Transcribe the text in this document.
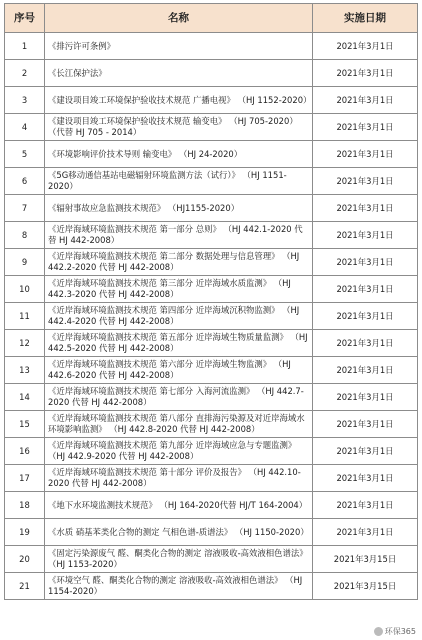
序号	名称	实施日期
1	《排污许可条例》	2021年3月1日
2	《长江保护法》	2021年3月1日
3	《建设项目竣工环境保护验收技术规范 广播电视》 （HJ 1152-2020）	2021年3月1日
4	《建设项目竣工环境保护验收技术规范 输变电》 （HJ 705-2020） （代替 HJ 705 - 2014）	2021年3月1日
5	《环境影响评价技术导则 输变电》 （HJ 24-2020）	2021年3月1日
6	《5G移动通信基站电磁辐射环境监测方法（试行）》 （HJ 1151-2020）	2021年3月1日
7	《辐射事故应急监测技术规范》 （HJ1155-2020）	2021年3月1日
8	《近岸海域环境监测技术规范 第一部分 总则》 （HJ 442.1-2020 代替 HJ 442-2008）	2021年3月1日
9	《近岸海域环境监测技术规范 第二部分 数据处理与信息管理》 （HJ 442.2-2020 代替 HJ 442-2008）	2021年3月1日
10	《近岸海域环境监测技术规范 第三部分 近岸海域水质监测》 （HJ 442.3-2020 代替 HJ 442-2008）	2021年3月1日
11	《近岸海域环境监测技术规范 第四部分 近岸海域沉积物监测》 （HJ 442.4-2020 代替 HJ 442-2008）	2021年3月1日
12	《近岸海域环境监测技术规范 第五部分 近岸海域生物质量监测》 （HJ 442.5-2020 代替 HJ 442-2008）	2021年3月1日
13	《近岸海域环境监测技术规范 第六部分 近岸海域生物监测》 （HJ 442.6-2020 代替 HJ 442-2008）	2021年3月1日
14	《近岸海域环境监测技术规范 第七部分 入海河流监测》 （HJ 442.7-2020 代替 HJ 442-2008）	2021年3月1日
15	《近岸海域环境监测技术规范 第八部分 直排海污染源及对近岸海域水环境影响监测》 （HJ 442.8-2020 代替 HJ 442-2008）	2021年3月1日
16	《近岸海域环境监测技术规范 第九部分 近岸海域应急与专题监测》 （HJ 442.9-2020 代替 HJ 442-2008）	2021年3月1日
17	《近岸海域环境监测技术规范 第十部分 评价及报告》 （HJ 442.10-2020 代替 HJ 442-2008）	2021年3月1日
18	《地下水环境监测技术规范》 （HJ 164-2020代替 HJ/T 164-2004）	2021年3月1日
19	《水质 硝基苯类化合物的测定 气相色谱-质谱法》 （HJ 1150-2020）	2021年3月1日
20	《固定污染源废气 醛、酮类化合物的测定 溶液吸收-高效液相色谱法》 （HJ 1153-2020）	2021年3月15日
21	《环境空气 醛、酮类化合物的测定 溶液吸收-高效液相色谱法》 （HJ 1154-2020）	2021年3月15日
环保365
